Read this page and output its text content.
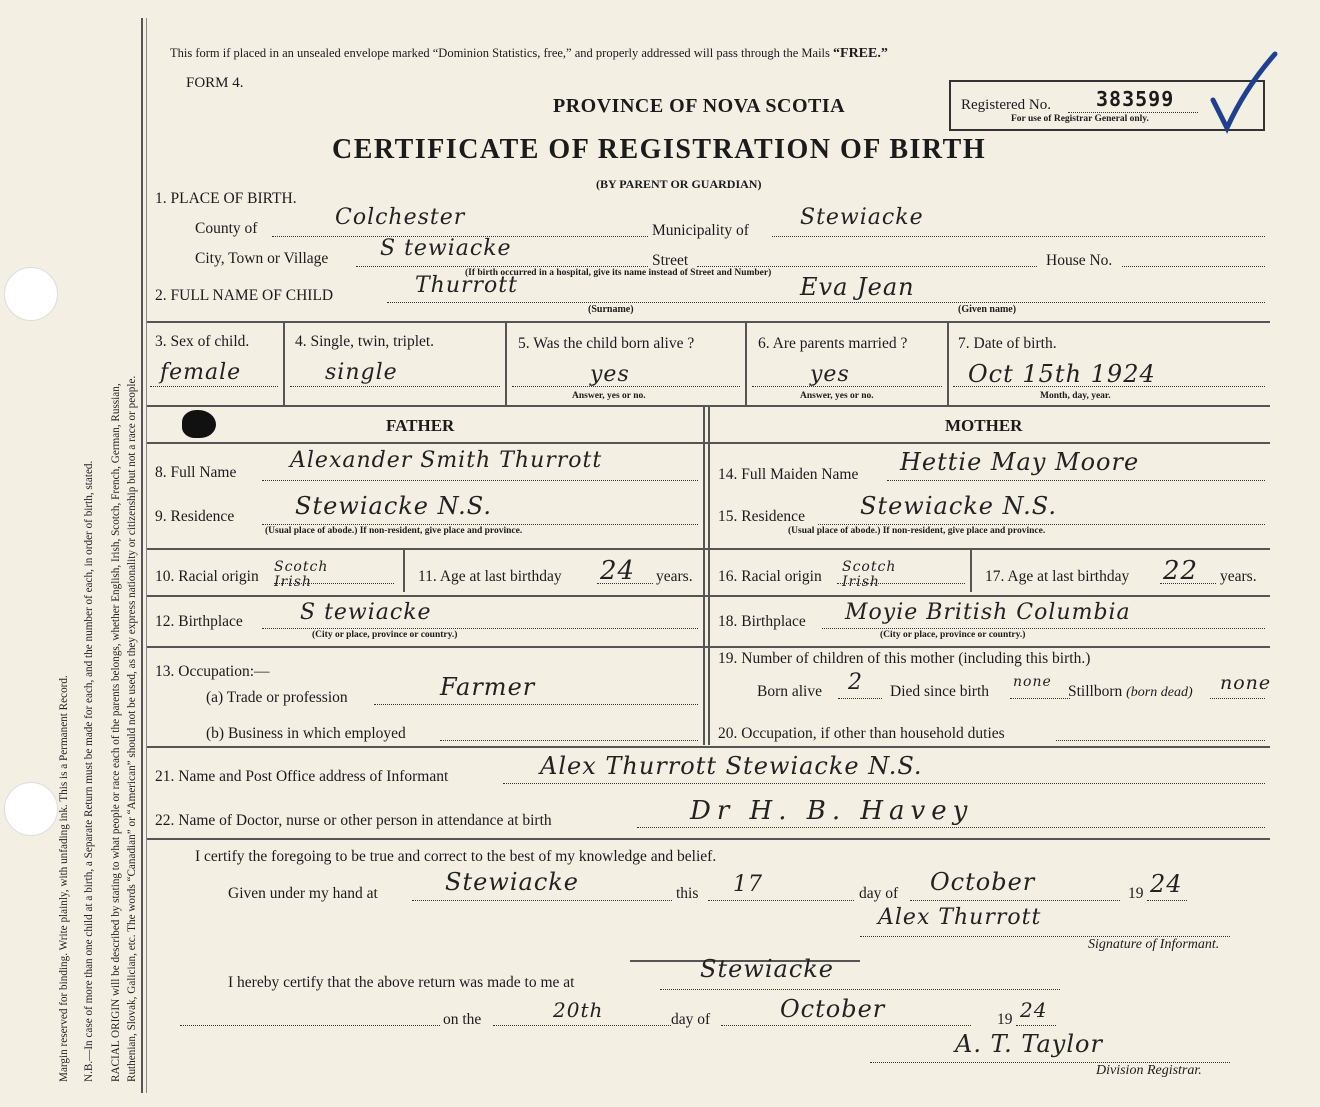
Margin reserved for binding. Write plainly, with unfading ink. This is a Permanent Record. N.B.—In case of more than one child at a birth, a Separate Return must be made for each, and the number of each, in order of birth, stated. RACIAL ORIGIN will be described by stating to what people or race each of the parents belongs, whether English, Irish, Scotch, French, German, Russian, Ruthenian, Slovak, Galician, etc. The words “Canadian” or “American” should not be used, as they express nationality or citizenship but not a race or people.
This form if placed in an unsealed envelope marked “Dominion Statistics, free,” and properly addressed will pass through the Mails “FREE.”
FORM 4.
PROVINCE OF NOVA SCOTIA
CERTIFICATE OF REGISTRATION OF BIRTH
(BY PARENT OR GUARDIAN)
Registered No. 383599
For use of Registrar General only.
1. PLACE OF BIRTH.
County of	Colchester
Municipality of
Stewiacke
City, Town or Village S tewiacke	Street	House No.
(If birth occurred in a hospital, give its name instead of Street and Number)
2. FULL NAME OF CHILD	Thurrott
(Surname)
Eva Jean
(Given name)
3. Sex of child.
female
4. Single, twin, triplet.
single
5. Was the child born alive ?
yes
Answer, yes or no.
6. Are parents married ?
yes
Answer, yes or no.
7. Date of birth.
Oct 15th 1924
Month, day, year.
FATHER	MOTHER
8. Full Name Alexander Smith Thurrott
9. Residence	Stewiacke N.S.
(Usual place of abode.) If non-resident, give place and province.
10. Racial origin
Scotch Irish	11. Age at last birthday 24 years.
12. Birthplace	S tewiacke
(City or place, province or country.)
13. Occupation:—
(a) Trade or profession	Farmer
(b) Business in which employed
14. Full Maiden Name Hettie May Moore
15. Residence Stewiacke N.S.
(Usual place of abode.) If non-resident, give place and province.
16. Racial origin
Scotch Irish	17. Age at last birthday 22 years.
18. Birthplace Moyie British Columbia
(City or place, province or country.)
19. Number of children of this mother (including this birth.)
Born alive 2 Died since birth
none
Stillborn (born dead) none
20. Occupation, if other than household duties
21. Name and Post Office address of Informant	Alex Thurrott Stewiacke N.S.
22. Name of Doctor, nurse or other person in attendance at birth	Dr H. B. Havey
I certify the foregoing to be true and correct to the best of my knowledge and belief.
Given under my hand at	Stewiacke	this 17	day of October	19 24
Alex Thurrott
Signature of Informant.
I hereby certify that the above return was made to me at	Stewiacke
on the	20th	day of	October	19 24
A. T. Taylor
Division Registrar.
